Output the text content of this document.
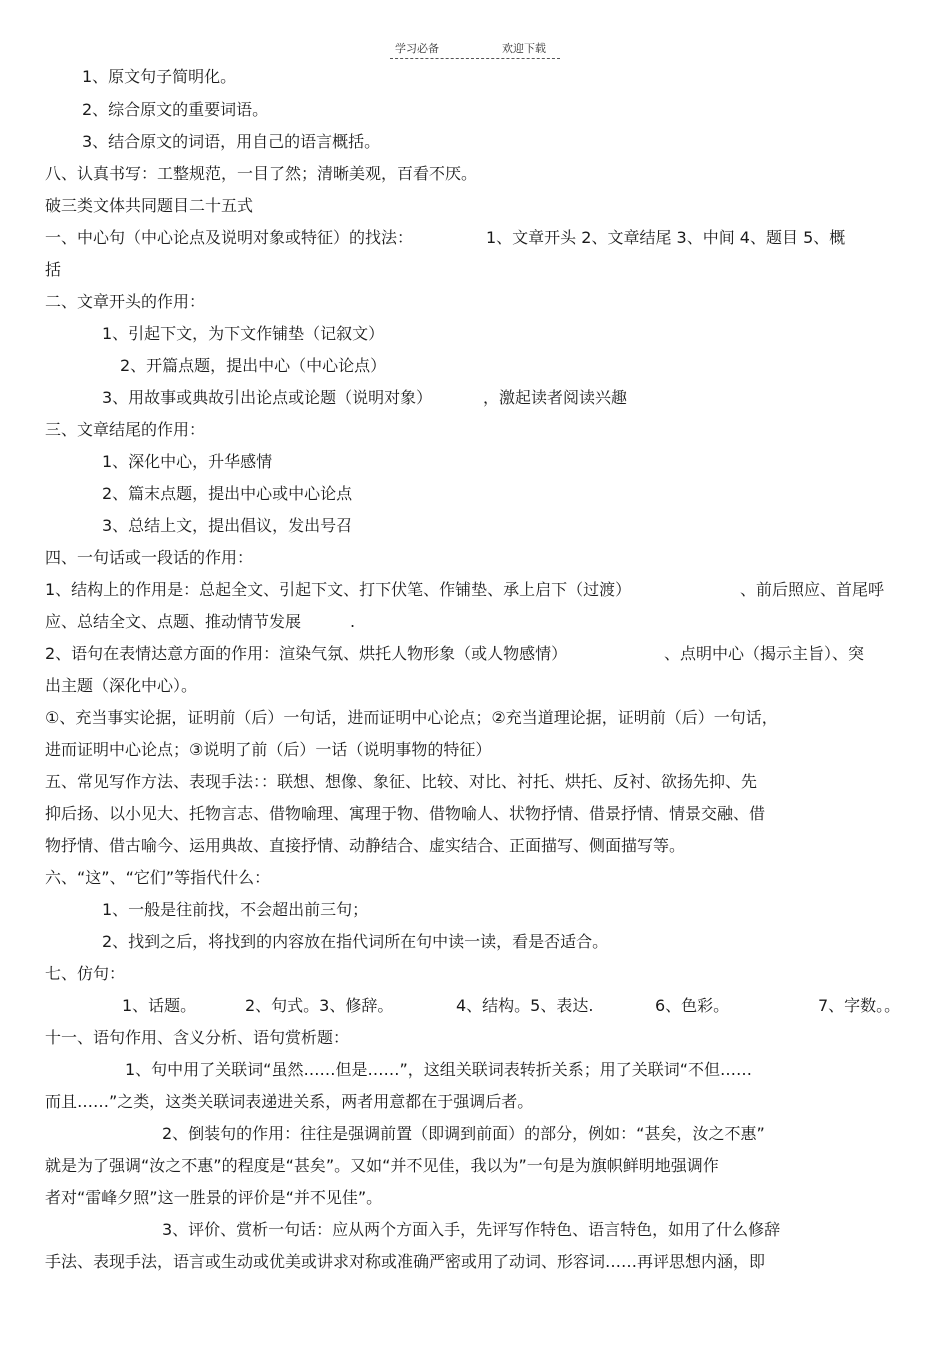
学习必备	欢迎下载
1、原文句子简明化。
2、综合原文的重要词语。
3、结合原文的词语，用自己的语言概括。
八、认真书写：工整规范，一目了然；清晰美观，百看不厌。
破三类文体共同题目二十五式
一、中心句（中心论点及说明对象或特征）的找法：	1、文章开头 2、文章结尾 3、中间 4、题目 5、概
括
二、文章开头的作用：
1、引起下文，为下文作铺垫（记叙文）
2、开篇点题，提出中心（中心论点）
3、用故事或典故引出论点或论题（说明对象）	，激起读者阅读兴趣
三、文章结尾的作用：
1、深化中心，升华感情
2、篇末点题，提出中心或中心论点
3、总结上文，提出倡议，发出号召
四、一句话或一段话的作用：
1、结构上的作用是：总起全文、引起下文、打下伏笔、作铺垫、承上启下（过渡）	、前后照应、首尾呼
应、总结全文、点题、推动情节发展	.
2、语句在表情达意方面的作用：渲染气氛、烘托人物形象（或人物感情）	、点明中心（揭示主旨）、突
出主题（深化中心）。
①、充当事实论据，证明前（后）一句话，进而证明中心论点；②充当道理论据，证明前（后）一句话，
进而证明中心论点；③说明了前（后）一话（说明事物的特征）
五、常见写作方法、表现手法：：联想、想像、象征、比较、对比、衬托、烘托、反衬、欲扬先抑、先
抑后扬、以小见大、托物言志、借物喻理、寓理于物、借物喻人、状物抒情、借景抒情、情景交融、借
物抒情、借古喻今、运用典故、直接抒情、动静结合、虚实结合、正面描写、侧面描写等。
六、“这”、“它们”等指代什么：
1、一般是往前找，不会超出前三句；
2、找到之后，将找到的内容放在指代词所在句中读一读，看是否适合。
七、仿句：
1、话题。	2、句式。3、修辞。	4、结构。5、表达.	6、色彩。	7、字数。。
十一、语句作用、含义分析、语句赏析题：
1、句中用了关联词“虽然……但是……”，这组关联词表转折关系；用了关联词“不但……
而且……”之类，这类关联词表递进关系，两者用意都在于强调后者。
2、倒装句的作用：往往是强调前置（即调到前面）的部分，例如：“甚矣，汝之不惠”
就是为了强调“汝之不惠”的程度是“甚矣”。又如“并不见佳，我以为”一句是为旗帜鲜明地强调作
者对“雷峰夕照”这一胜景的评价是“并不见佳”。
3、评价、赏析一句话：应从两个方面入手，先评写作特色、语言特色，如用了什么修辞
手法、表现手法，语言或生动或优美或讲求对称或准确严密或用了动词、形容词……再评思想内涵，即
